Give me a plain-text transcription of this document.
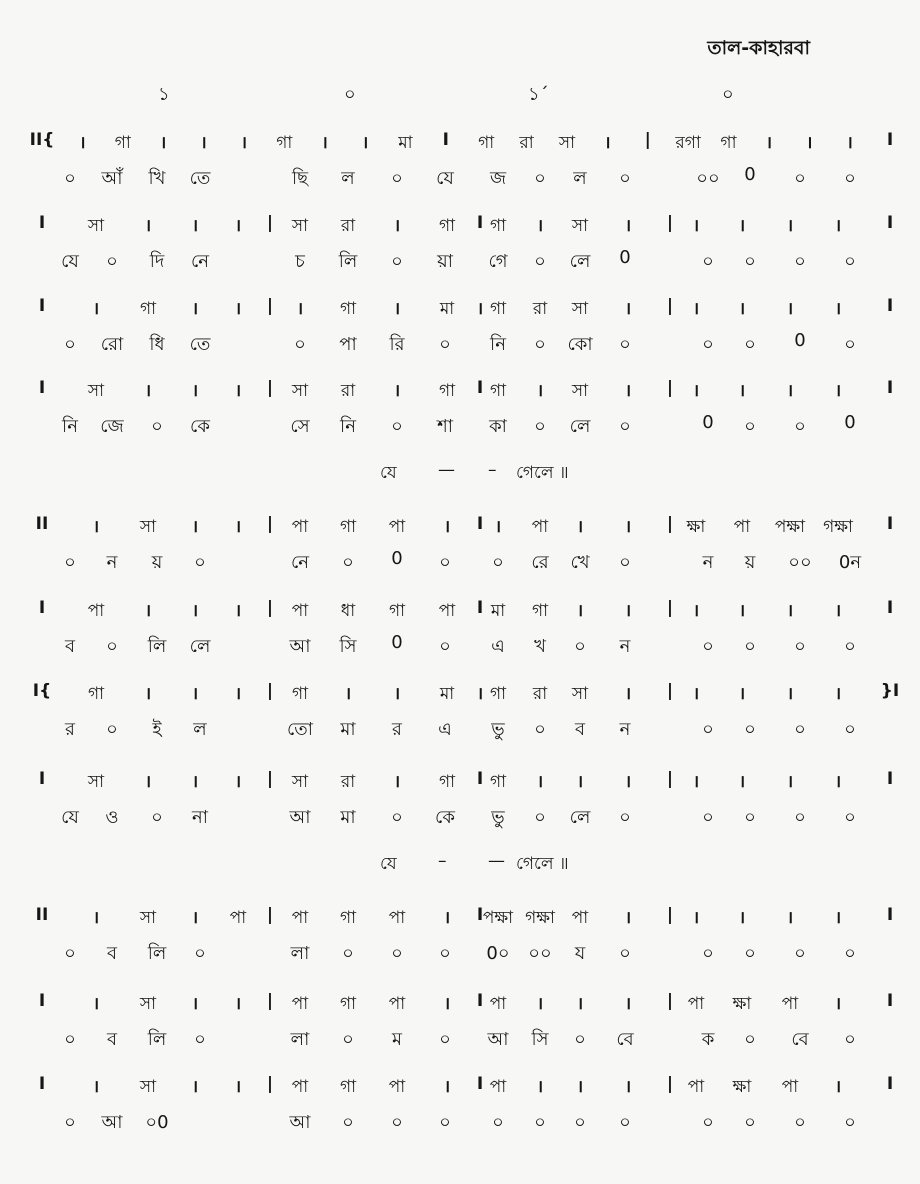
তাল-কাহারবা
১	০	১´	০
II{ । গা । । । গা । । মা I গা রা সা । | রগা গা । । । I
০ আঁ খি তে	ছি ল ০ যে জ ০ ল ০	০০ 0 ০ ০
I	সা । । । | সা রা । গা I গা । সা । | । । । ।	I
যে ০ দি নে	চ লি ০ য়া গে ০ লে 0	০ ০ ০ ০
I	। গা । । | । গা । মা । গা রা সা । | । । । ।	I
০ রো ধি তে	০ পা রি ০ নি ০ কো ০	০ ০ 0 ০
I	সা । । । | সা রা । গা I গা । সা । | । । । ।	I
নি জে ০ কে	সে নি ০ শা কা ০ লে ০	0 ০ ০ 0
যে — – গেলে ॥
II	। সা । । | পা গা পা । I । পা । । | ক্ষা পা পক্ষা গক্ষা I
০ ন য় ০	নে ০ 0 ০ ০ রে খে ০	ন য় ০০ 0ন
I	পা । । । | পা ধা গা পা I মা গা । । | । । । ।	I
ব ০ লি লে	আ সি 0 ০ এ খ ০ ন	০ ০ ০ ০
I{ গা । । । | গা ।	। মা । গা রা সা । | । । । । }I
র ০ ই ল	তো মা র এ ভু ০ ব ন	০ ০ ০ ০
I	সা । । । | সা রা । গা I গা । । । | । । । ।	I
যে ও ০ না	আ মা ০ কে ভু ০ লে ০	০ ০ ০ ০
যে – — গেলে ॥
II	। সা । পা | পা গা পা । I পক্ষা গক্ষা পা । | । । । ।	I
০ ব লি ০	লা ০ ০ ০ 0০ ০০ য ০	০ ০ ০ ০
I	। সা । । | পা গা পা । I পা । । । | পা ক্ষা পা ।	I
০ ব লি ০	লা ০ ম ০ আ সি ০ বে	ক ০ বে ০
I	। সা । । | পা গা পা । I পা । । । | পা ক্ষা পা ।	I
০ আ ০0	আ ০ ০ ০ ০ ০ ০ ০	০ ০ ০ ০
